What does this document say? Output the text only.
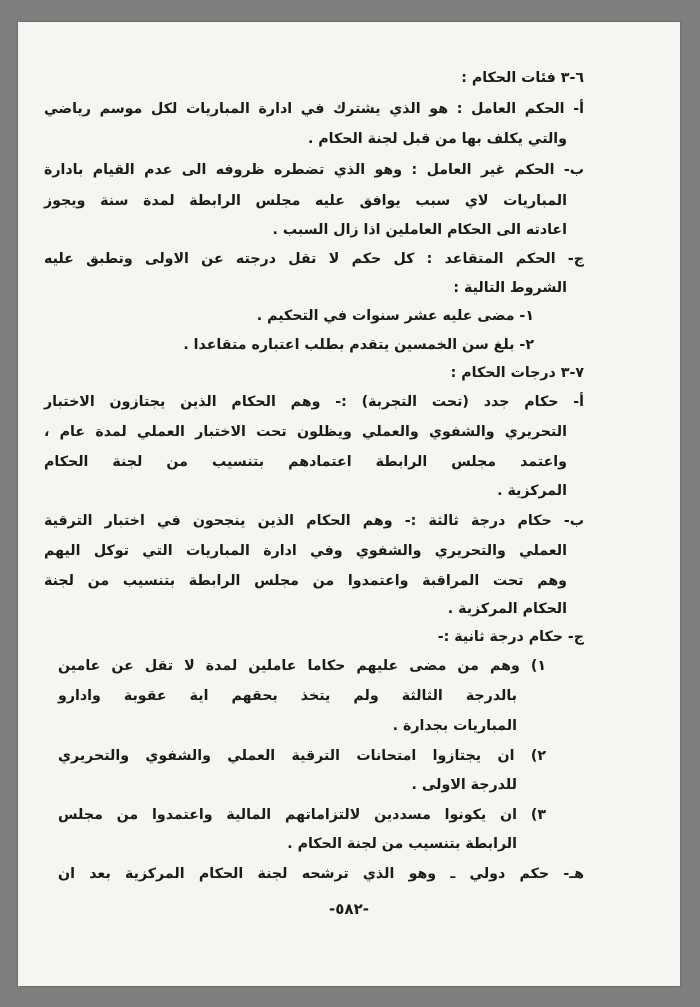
٦-٣ فئات الحكام :
أ- الحكم العامل : هو الذي يشترك في ادارة المباريات لكل موسم رياضي
والتي يكلف بها من قبل لجنة الحكام .
ب- الحكم غير العامل : وهو الذي تضطره ظروفه الى عدم القيام بادارة
المباريات لاي سبب يوافق عليه مجلس الرابطة لمدة سنة ويجوز
اعادته الى الحكام العاملين اذا زال السبب .
ج- الحكم المتقاعد : كل حكم لا تقل درجته عن الاولى وتطبق عليه
الشروط التالية :
١- مضى عليه عشر سنوات في التحكيم .
٢- بلغ سن الخمسين يتقدم بطلب اعتباره متقاعدا .
٧-٣ درجات الحكام :
أ- حكام جدد (تحت التجربة) :- وهم الحكام الذين يجتازون الاختبار
التحريري والشفوي والعملي ويظلون تحت الاختبار العملي لمدة عام ،
واعتمد مجلس الرابطة اعتمادهم بتنسيب من لجنة الحكام
المركزية .
ب- حكام درجة ثالثة :- وهم الحكام الذين ينجحون في اختبار الترقية
العملي والتحريري والشفوي وفي ادارة المباريات التي توكل اليهم
وهم تحت المراقبة واعتمدوا من مجلس الرابطة بتنسيب من لجنة
الحكام المركزية .
ج- حكام درجة ثانية :-
١) وهم من مضى عليهم حكاما عاملين لمدة لا تقل عن عامين
بالدرجة الثالثة ولم يتخذ بحقهم اية عقوبة وادارو
المباريات بجدارة .
٢) ان يجتازوا امتحانات الترقية العملي والشفوي والتحريري
للدرجة الاولى .
٣) ان يكونوا مسددين لالتزاماتهم المالية واعتمدوا من مجلس
الرابطة بتنسيب من لجنة الحكام .
هـ- حكم دولي ـ وهو الذي ترشحه لجنة الحكام المركزية بعد ان
-٥٨٢-
